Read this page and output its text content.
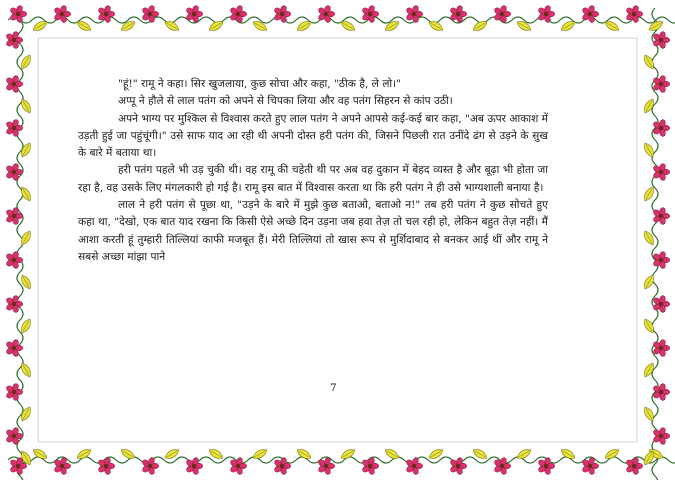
"हूं!" रामू ने कहा। सिर खुजलाया, कुछ सोचा और कहा, "ठीक है, ले लो।"

अप्पू ने हौले से लाल पतंग को अपने से चिपका लिया और वह पतंग सिहरन से कांप उठी।

अपने भाग्य पर मुश्किल से विश्वास करते हुए लाल पतंग ने अपने आपसे कई-कई बार कहा, "अब ऊपर आकाश में उड़ती हुई जा पहुंचूंगी।" उसे साफ याद आ रही थी अपनी दोस्त हरी पतंग की, जिसने पिछली रात उनींदे ढंग से उड़ने के सुख के बारे में बताया था।

हरी पतंग पहले भी उड़ चुकी थी। वह रामू की चहेती थी पर अब वह दुकान में बेहद व्यस्त है और बूढ़ा भी होता जा रहा है, वह उसके लिए मंगलकारी हो गई है। रामू इस बात में विश्वास करता था कि हरी पतंग ने ही उसे भाग्यशाली बनाया है।

लाल ने हरी पतंग से पूछा था, "उड़ने के बारे में मुझे कुछ बताओ, बताओ न!" तब हरी पतंग ने कुछ सोचते हुए कहा था, "देखो, एक बात याद रखना कि किसी ऐसे अच्छे दिन उड़ना जब हवा तेज़ तो चल रही हो, लेकिन बहुत तेज़ नहीं। मैं आशा करती हूं तुम्हारी तिल्लियां काफी मजबूत हैं। मेरी तिल्लियां तो खास रूप से मुर्शिदाबाद से बनकर आई थीं और रामू ने सबसे अच्छा मांझा पाने

7
